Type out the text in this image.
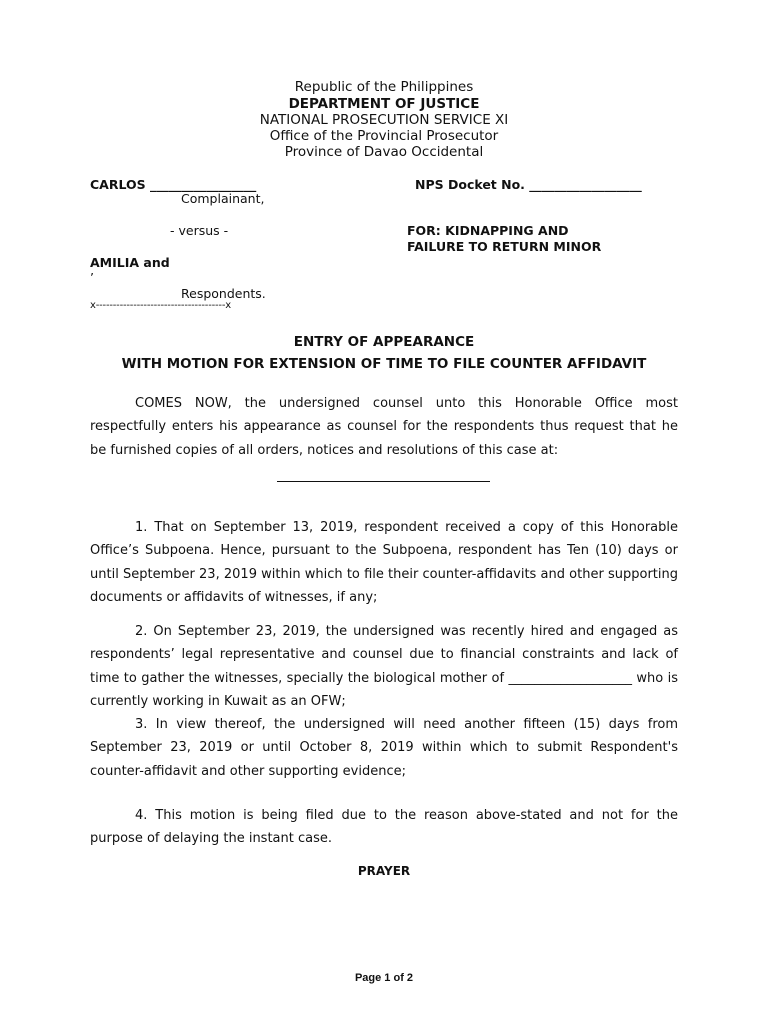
Republic of the Philippines
DEPARTMENT OF JUSTICE
NATIONAL PROSECUTION SERVICE XI
Office of the Provincial Prosecutor
Province of Davao Occidental
CARLOS _________________
Complainant,
NPS Docket No. __________________
- versus -	FOR: KIDNAPPING AND
FAILURE TO RETURN MINOR
AMILIA and
’
Respondents.
x--------------------------------------x
ENTRY OF APPEARANCE
WITH MOTION FOR EXTENSION OF TIME TO FILE COUNTER AFFIDAVIT

COMES NOW, the undersigned counsel unto this Honorable Office most respectfully enters his appearance as counsel for the respondents thus request that he be furnished copies of all orders, notices and resolutions of this case at:

1. That on September 13, 2019, respondent received a copy of this Honorable Office’s Subpoena. Hence, pursuant to the Subpoena, respondent has Ten (10) days or until September 23, 2019 within which to file their counter-affidavits and other supporting documents or affidavits of witnesses, if any;

2. On September 23, 2019, the undersigned was recently hired and engaged as respondents’ legal representative and counsel due to financial constraints and lack of time to gather the witnesses, specially the biological mother of ___________________ who is currently working in Kuwait as an OFW;

3. In view thereof, the undersigned will need another fifteen (15) days from September 23, 2019 or until October 8, 2019 within which to submit Respondent's counter-affidavit and other supporting evidence;

4. This motion is being filed due to the reason above-stated and not for the purpose of delaying the instant case.

PRAYER
Page 1 of 2
